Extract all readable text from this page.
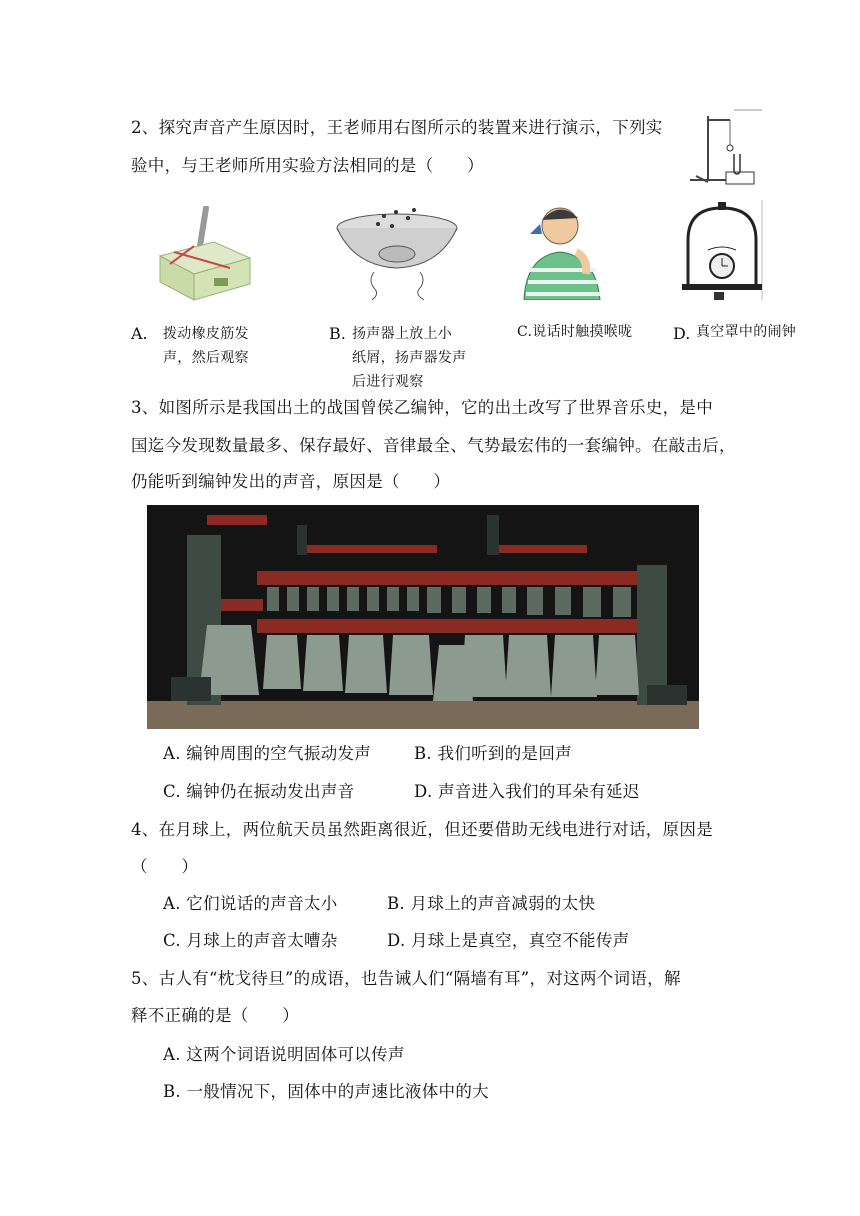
2、探究声音产生原因时，王老师用右图所示的装置来进行演示，下列实
验中，与王老师所用实验方法相同的是（　　）
A. 拨动橡皮筋发
声，然后观察
B. 扬声器上放上小
纸屑，扬声器发声
后进行观察
C.说话时触摸喉咙	D. 真空罩中的闹钟
3、如图所示是我国出土的战国曾侯乙编钟，它的出土改写了世界音乐史，是中
国迄今发现数量最多、保存最好、音律最全、气势最宏伟的一套编钟。在敲击后，
仍能听到编钟发出的声音，原因是（　　）
A. 编钟周围的空气振动发声	B. 我们听到的是回声
C. 编钟仍在振动发出声音	D. 声音进入我们的耳朵有延迟
4、在月球上，两位航天员虽然距离很近，但还要借助无线电进行对话，原因是
（　　）
A. 它们说话的声音太小	B. 月球上的声音减弱的太快
C. 月球上的声音太嘈杂	D. 月球上是真空，真空不能传声
5、古人有“枕戈待旦”的成语，也告诫人们“隔墙有耳”，对这两个词语，解
释不正确的是（　　）
A. 这两个词语说明固体可以传声
B. 一般情况下，固体中的声速比液体中的大
